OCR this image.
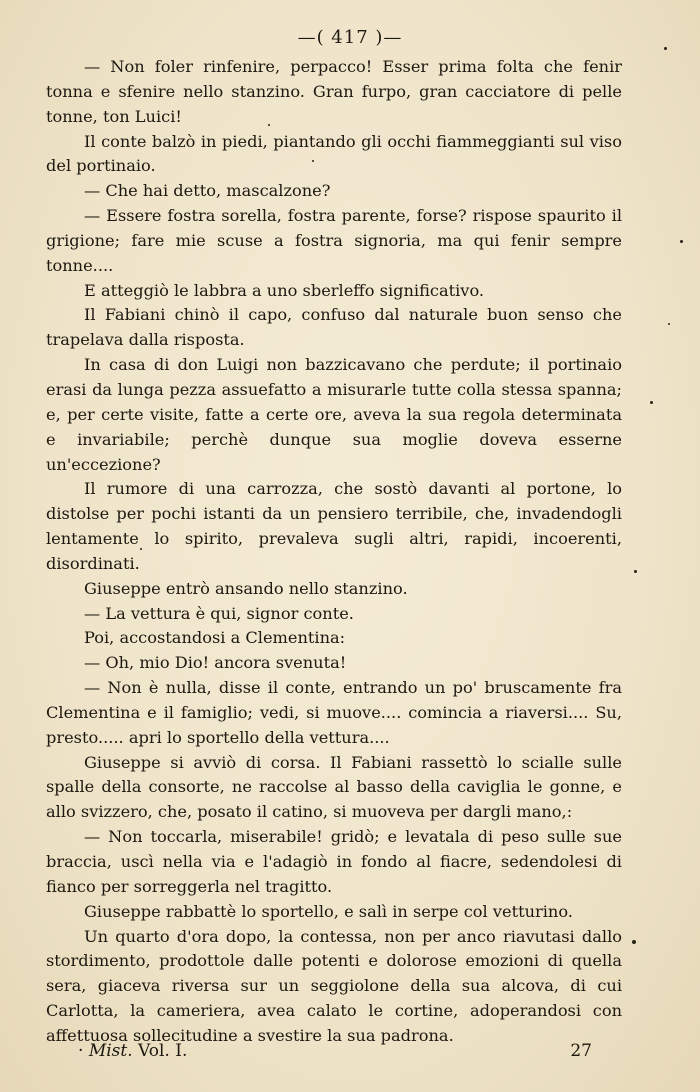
—( 417 )—

— Non foler rinfenire, perpacco! Esser prima folta che fenir tonna e sfenire nello stanzino. Gran furpo, gran cacciatore di pelle tonne, ton Luici!

Il conte balzò in piedi, piantando gli occhi fiammeggianti sul viso del portinaio.

— Che hai detto, mascalzone?

— Essere fostra sorella, fostra parente, forse? rispose spaurito il grigione; fare mie scuse a fostra signoria, ma qui fenir sempre tonne....

E atteggiò le labbra a uno sberleffo significativo.

Il Fabiani chinò il capo, confuso dal naturale buon senso che trapelava dalla risposta.

In casa di don Luigi non bazzicavano che perdute; il portinaio erasi da lunga pezza assuefatto a misurarle tutte colla stessa spanna; e, per certe visite, fatte a certe ore, aveva la sua regola determinata e invariabile; perchè dunque sua moglie doveva esserne un'eccezione?

Il rumore di una carrozza, che sostò davanti al portone, lo distolse per pochi istanti da un pensiero terribile, che, invadendogli lentamente lo spirito, prevaleva sugli altri, rapidi, incoerenti, disordinati.

Giuseppe entrò ansando nello stanzino.

— La vettura è qui, signor conte.

Poi, accostandosi a Clementina:

— Oh, mio Dio! ancora svenuta!

— Non è nulla, disse il conte, entrando un po' bruscamente fra Clementina e il famiglio; vedi, si muove.... comincia a riaversi.... Su, presto..... apri lo sportello della vettura....

Giuseppe si avviò di corsa. Il Fabiani rassettò lo scialle sulle spalle della consorte, ne raccolse al basso della caviglia le gonne, e allo svizzero, che, posato il catino, si muoveva per dargli mano,:

— Non toccarla, miserabile! gridò; e levatala di peso sulle sue braccia, uscì nella via e l'adagiò in fondo al fiacre, sedendolesi di fianco per sorreggerla nel tragitto.

Giuseppe rabbattè lo sportello, e salì in serpe col vetturino.

Un quarto d'ora dopo, la contessa, non per anco riavutasi dallo stordimento, prodottole dalle potenti e dolorose emozioni di quella sera, giaceva riversa sur un seggiolone della sua alcova, di cui Carlotta, la cameriera, avea calato le cortine, adoperandosi con affettuosa sollecitudine a svestire la sua padrona.

· Mist. Vol. I.	27
